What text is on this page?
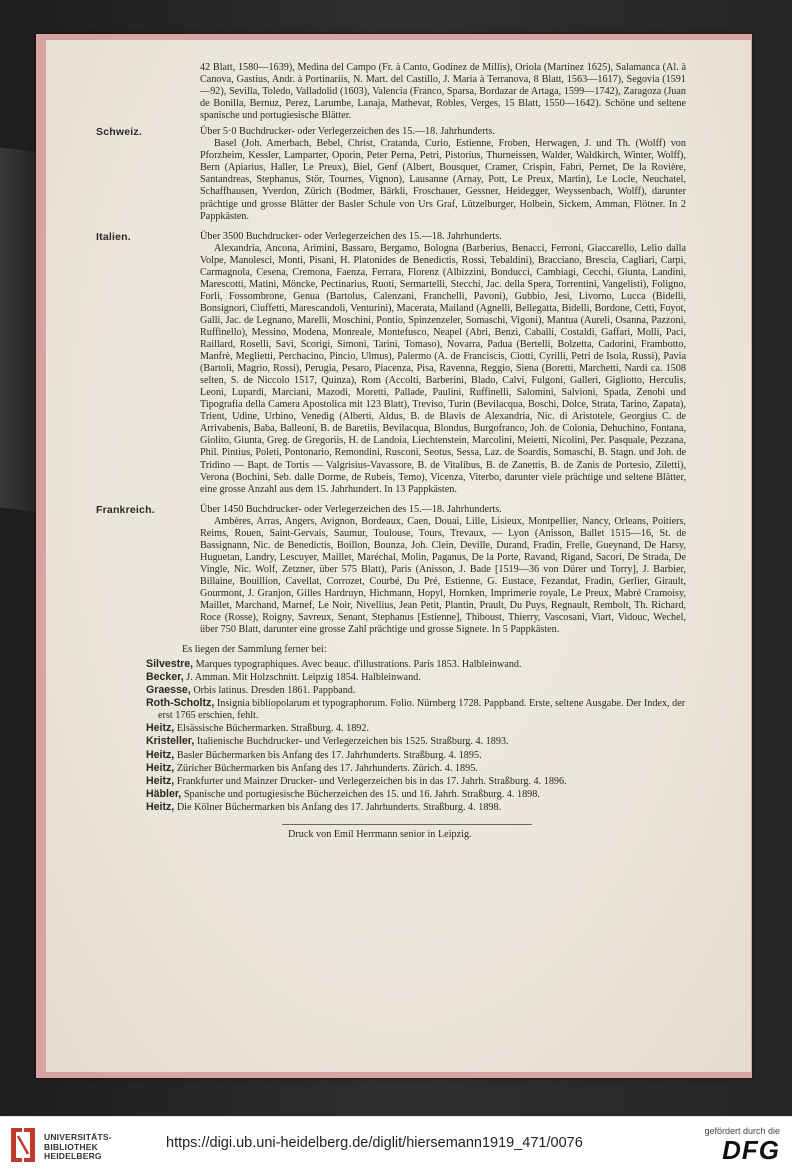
42 Blatt, 1580—1639), Medina del Campo (Fr. à Canto, Godinez de Millis), Oriola (Martinez 1625), Salamanca (Al. à Canova, Gastius, Andr. à Portinariis, N. Mart. del Castillo, J. Maria à Terranova, 8 Blatt, 1563—1617), Segovia (1591—92), Sevilla, Toledo, Valladolid (1603), Valencia (Franco, Sparsa, Bordazar de Artaga, 1599—1742), Zaragoza (Juan de Bonilla, Bernuz, Perez, Larumbe, Lanaja, Mathevat, Robles, Verges, 15 Blatt, 1550—1642). Schöne und seltene spanische und portugiesische Blätter.

Schweiz.	Über 5·0 Buchdrucker- oder Verlegerzeichen des 15.—18. Jahrhunderts.

Basel (Joh. Amerbach, Bebel, Christ, Cratanda, Curio, Estienne, Froben, Herwagen, J. und Th. (Wolff) von Pforzheim, Kessler, Lamparter, Oporin, Peter Perna, Petri, Pistorius, Thurneissen, Walder, Waldkirch, Winter, Wolff), Bern (Apiarius, Haller, Le Preux), Biel, Genf (Albert, Bousquet, Cramer, Crispin, Fabri, Pernet, De la Rovière, Santandreas, Stephanus, Stör, Tournes, Vignon), Lausanne (Arnay, Pott, Le Preux, Martin), Le Locle, Neuchatel, Schaffhausen, Yverdon, Zürich (Bodmer, Bärkli, Froschauer, Gessner, Heidegger, Weyssenbach, Wolff), darunter prächtige und grosse Blätter der Basler Schule von Urs Graf, Lützelburger, Holbein, Sickem, Amman, Flötner. In 2 Pappkästen.

Italien.	Über 3500 Buchdrucker- oder Verlegerzeichen des 15.—18. Jahrhunderts.

Alexandria, Ancona, Arimini, Bassaro, Bergamo, Bologna (Barberius, Benacci, Ferroni, Giaccarello, Lelio dalla Volpe, Manolesci, Monti, Pisani, H. Platonides de Benedictis, Rossi, Tebaldini), Bracciano, Brescia, Cagliari, Carpi, Carmagnola, Cesena, Cremona, Faenza, Ferrara, Florenz (Albizzini, Bonducci, Cambiagi, Cecchi, Giunta, Landini, Marescotti, Matini, Möncke, Pectinarius, Ruoti, Sermartelli, Stecchi, Jac. della Spera, Torrentini, Vangelisti), Foligno, Forli, Fossombrone, Genua (Bartolus, Calenzani, Franchelli, Pavoni), Gubbio, Jesi, Livorno, Lucca (Bidelli, Bonsignori, Ciuffetti, Marescandoli, Venturini), Macerata, Mailand (Agnelli, Bellegatta, Bidelli, Bordone, Cetti, Foyot, Galli, Jac. de Legnano, Marelli, Moschini, Pontio, Spinzenzeler, Somaschi, Vigoni), Mantua (Aureli, Osanna, Pazzoni, Ruffinello), Messino, Modena, Monreale, Montefusco, Neapel (Abri, Benzi, Caballi, Costaldi, Gaffari, Molli, Paci, Raillard, Roselli, Savi, Scorigi, Simoni, Tarini, Tomaso), Novarra, Padua (Bertelli, Bolzetta, Cadorini, Frambotto, Manfrè, Meglietti, Perchacino, Pincio, Ulmus), Palermo (A. de Franciscis, Ciotti, Cyrilli, Petri de Isola, Russi), Pavia (Bartoli, Magrio, Rossi), Perugia, Pesaro, Piacenza, Pisa, Ravenna, Reggio, Siena (Boretti, Marchetti, Nardi ca. 1508 selten, S. de Niccolo 1517, Quinza), Rom (Accolti, Barberini, Blado, Calvi, Fulgoni, Galleri, Gigliotto, Herculis, Leoni, Lupardi, Marciani, Mazodi, Moretti, Pallade, Paulini, Ruffinelli, Salomini, Salvioni, Spada, Zenobi und Tipografia della Camera Apostolica mit 123 Blatt), Treviso, Turin (Bevilacqua, Boschi, Dolce, Strata, Tarino, Zapata), Trient, Udine, Urbino, Venedig (Alberti, Aldus, B. de Blavis de Alexandria, Nic. di Aristotele, Georgius C. de Arrivabenis, Baba, Balleoni, B. de Baretiis, Bevilacqua, Blondus, Burgofranco, Joh. de Colonia, Dehuchino, Fontana, Giolito, Giunta, Greg. de Gregoriis, H. de Landoia, Liechtenstein, Marcolini, Meietti, Nicolini, Per. Pasquale, Pezzana, Phil. Pintius, Poleti, Pontonario, Remondini, Rusconi, Seotus, Sessa, Laz. de Soardis, Somaschi, B. Stagn. und Joh. de Tridino — Bapt. de Tortis — Valgrisius-Vavassore, B. de Vitalibus, B. de Zanettis, B. de Zanis de Portesio, Ziletti), Verona (Bochini, Seb. dalle Dorme, de Rubeis, Temo), Vicenza, Viterbo, darunter viele prächtige und seltene Blätter, eine grosse Anzahl aus dem 15. Jahrhundert. In 13 Pappkästen.

Frankreich.	Über 1450 Buchdrucker- oder Verlegerzeichen des 15.—18. Jahrhunderts.

Ambères, Arras, Angers, Avignon, Bordeaux, Caen, Douai, Lille, Lisieux, Montpellier, Nancy, Orleans, Poitiers, Reims, Rouen, Saint-Gervais, Saumur, Toulouse, Tours, Trevaux, — Lyon (Anisson, Ballet 1515—16, St. de Bassignann, Nic. de Benedictis, Boillon, Bounza, Joh. Clein, Deville, Durand, Fradin, Frelle, Gueynand, De Harsy, Huguetan, Landry, Lescuyer, Maillet, Maréchal, Molin, Paganus, De la Porte, Ravand, Rigand, Sacori, De Strada, De Vingle, Nic. Wolf, Zetzner, über 575 Blatt), Paris (Anisson, J. Bade [1519—36 von Dürer und Torry], J. Barbier, Billaine, Bouillion, Cavellat, Corrozet, Courbé, Du Pré, Estienne, G. Eustace, Fezandat, Fradin, Gerlier, Girault, Gourmont, J. Granjon, Gilles Hardruyn, Hichmann, Hopyl, Hornken, Imprimerie royale, Le Preux, Mabré Cramoisy, Maillet, Marchand, Marnef, Le Noir, Nivellius, Jean Petit, Plantin, Prault, Du Puys, Regnault, Rembolt, Th. Richard, Roce (Rosse), Roigny, Savreux, Senant, Stephanus [Estienne], Thiboust, Thierry, Vascosani, Viart, Vidouc, Wechel, über 750 Blatt, darunter eine grosse Zahl prächtige und grosse Signete. In 5 Pappkästen.

Es liegen der Sammlung ferner bei:
Silvestre, Marques typographiques. Avec beauc. d'illustrations. Paris 1853. Halbleinwand.
Becker, J. Amman. Mit Holzschnitt. Leipzig 1854. Halbleinwand.
Graesse, Orbis latinus. Dresden 1861. Pappband.
Roth-Scholtz, Insignia bibliopolarum et typographorum. Folio. Nürnberg 1728. Pappband. Erste, seltene Ausgabe. Der Index, der erst 1765 erschien, fehlt.
Heitz, Elsässische Büchermarken. Straßburg. 4. 1892.
Kristeller, Italienische Buchdrucker- und Verlegerzeichen bis 1525. Straßburg. 4. 1893.
Heitz, Basler Büchermarken bis Anfang des 17. Jahrhunderts. Straßburg. 4. 1895.
Heitz, Züricher Büchermarken bis Anfang des 17. Jahrhunderts. Zürich. 4. 1895.
Heitz, Frankfurter und Mainzer Drucker- und Verlegerzeichen bis in das 17. Jahrh. Straßburg. 4. 1896.
Häbler, Spanische und portugiesische Bücherzeichen des 15. und 16. Jahrh. Straßburg. 4. 1898.
Heitz, Die Kölner Büchermarken bis Anfang des 17. Jahrhunderts. Straßburg. 4. 1898.
Druck von Emil Herrmann senior in Leipzig.
UNIVERSITÄTS-
BIBLIOTHEK
HEIDELBERG
https://digi.ub.uni-heidelberg.de/diglit/hiersemann1919_471/0076
gefördert durch die
DFG
